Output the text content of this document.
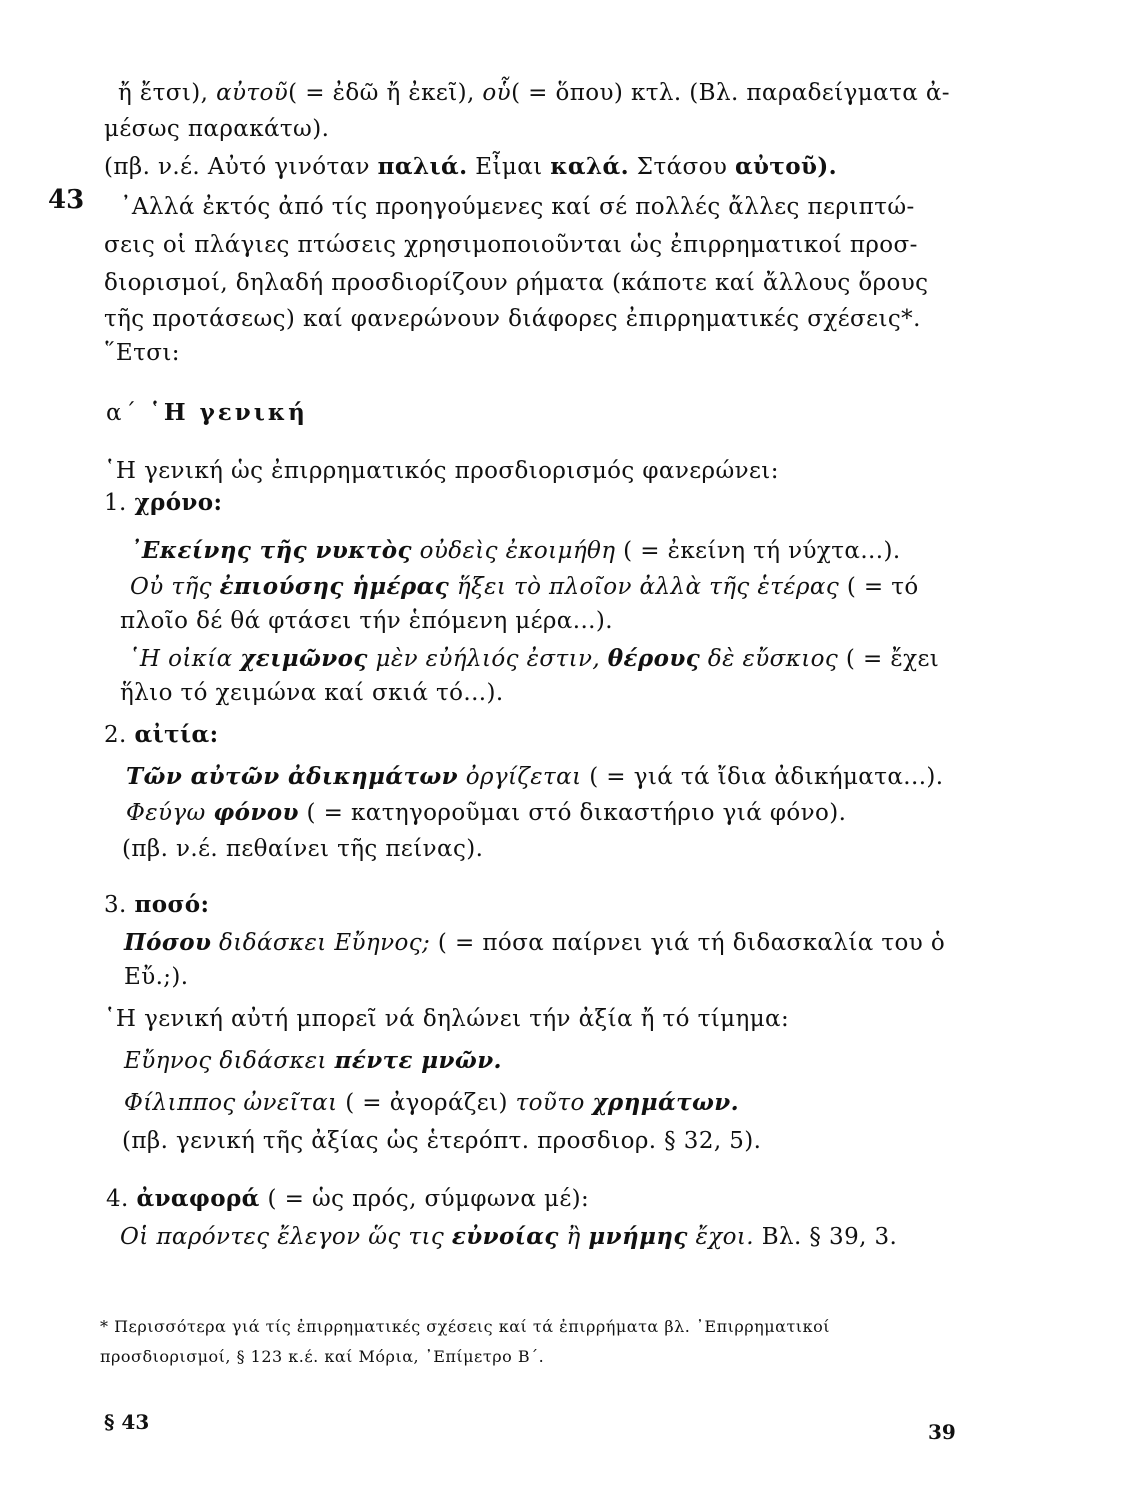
ἤ ἔτσι), αὐτοῦ( = ἐδῶ ἤ ἐκεῖ), οὗ( = ὅπου) κτλ. (Βλ. παραδείγματα ἀ-
μέσως παρακάτω).
(πβ. ν.έ. Αὐτό γινόταν παλιά. Εἶμαι καλά. Στάσου αὐτοῦ).
43 ᾿Αλλά ἐκτός ἀπό τίς προηγούμενες καί σέ πολλές ἄλλες περιπτώ-
σεις οἱ πλάγιες πτώσεις χρησιμοποιοῦνται ὡς ἐπιρρηματικοί προσ-
διορισμοί, δηλαδή προσδιορίζουν ρήματα (κάποτε καί ἄλλους ὅρους
τῆς προτάσεως) καί φανερώνουν διάφορες ἐπιρρηματικές σχέσεις*.
῞Ετσι:
α΄ ῾Η γενική
῾Η γενική ὡς ἐπιρρηματικός προσδιορισμός φανερώνει:
1. χρόνο:
᾿Εκείνης τῆς νυκτὸς οὐδεὶς ἐκοιμήθη ( = ἐκείνη τή νύχτα...).
Οὐ τῆς ἐπιούσης ἡμέρας ἥξει τὸ πλοῖον ἀλλὰ τῆς ἑτέρας ( = τό
πλοῖο δέ θά φτάσει τήν ἑπόμενη μέρα...).
῾Η οἰκία χειμῶνος μὲν εὐήλιός ἐστιν, θέρους δὲ εὔσκιος ( = ἔχει
ἥλιο τό χειμώνα καί σκιά τό...).
2. αἰτία:
Τῶν αὐτῶν ἀδικημάτων ὀργίζεται ( = γιά τά ἴδια ἀδικήματα...).
Φεύγω φόνου ( = κατηγοροῦμαι στό δικαστήριο γιά φόνο).
(πβ. ν.έ. πεθαίνει τῆς πείνας).
3. ποσό:
Πόσου διδάσκει Εὔηνος; ( = πόσα παίρνει γιά τή διδασκαλία του ὁ
Εὔ.;).
῾Η γενική αὐτή μπορεῖ νά δηλώνει τήν ἀξία ἤ τό τίμημα:
Εὔηνος διδάσκει πέντε μνῶν.
Φίλιππος ὠνεῖται ( = ἀγοράζει) τοῦτο χρημάτων.
(πβ. γενική τῆς ἀξίας ὡς ἑτερόπτ. προσδιορ. § 32, 5).
4. ἀναφορά ( = ὡς πρός, σύμφωνα μέ):
Οἱ παρόντες ἔλεγον ὥς τις εὐνοίας ἢ μνήμης ἔχοι. Βλ. § 39, 3.
* Περισσότερα γιά τίς ἐπιρρηματικές σχέσεις καί τά ἐπιρρήματα βλ. ᾿Επιρρηματικοί
προσδιορισμοί, § 123 κ.έ. καί Μόρια, ᾿Επίμετρο Β΄.
§ 43	39
